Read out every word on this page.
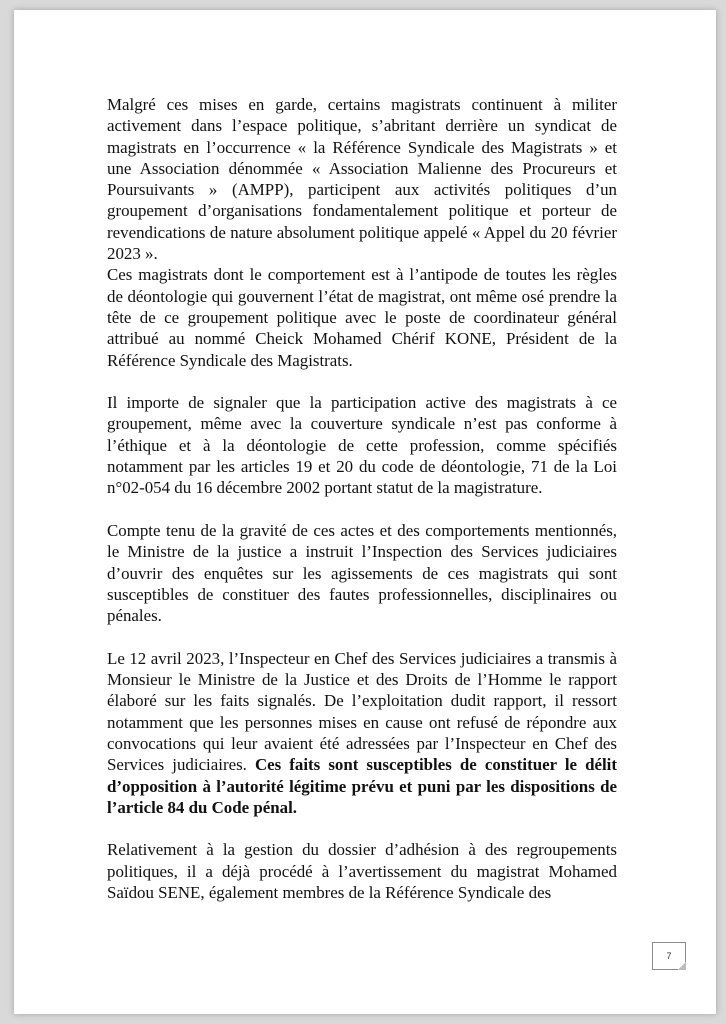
Malgré ces mises en garde, certains magistrats continuent à militer activement dans l’espace politique, s’abritant derrière un syndicat de magistrats en l’occurrence « la Référence Syndicale des Magistrats » et une Association dénommée « Association Malienne des Procureurs et Poursuivants » (AMPP), participent aux activités politiques d’un groupement d’organisations fondamentalement politique et porteur de revendications de nature absolument politique appelé « Appel du 20 février 2023 ».

Ces magistrats dont le comportement est à l’antipode de toutes les règles de déontologie qui gouvernent l’état de magistrat, ont même osé prendre la tête de ce groupement politique avec le poste de coordinateur général attribué au nommé Cheick Mohamed Chérif KONE, Président de la Référence Syndicale des Magistrats.

Il importe de signaler que la participation active des magistrats à ce groupement, même avec la couverture syndicale n’est pas conforme à l’éthique et à la déontologie de cette profession, comme spécifiés notamment par les articles 19 et 20 du code de déontologie, 71 de la Loi n°02-054 du 16 décembre 2002 portant statut de la magistrature.

Compte tenu de la gravité de ces actes et des comportements mentionnés, le Ministre de la justice a instruit l’Inspection des Services judiciaires d’ouvrir des enquêtes sur les agissements de ces magistrats qui sont susceptibles de constituer des fautes professionnelles, disciplinaires ou pénales.

Le 12 avril 2023, l’Inspecteur en Chef des Services judiciaires a transmis à Monsieur le Ministre de la Justice et des Droits de l’Homme le rapport élaboré sur les faits signalés. De l’exploitation dudit rapport, il ressort notamment que les personnes mises en cause ont refusé de répondre aux convocations qui leur avaient été adressées par l’Inspecteur en Chef des Services judiciaires. Ces faits sont susceptibles de constituer le délit d’opposition à l’autorité légitime prévu et puni par les dispositions de l’article 84 du Code pénal.

Relativement à la gestion du dossier d’adhésion à des regroupements politiques, il a déjà procédé à l’avertissement du magistrat Mohamed Saïdou SENE, également membres de la Référence Syndicale des

7
